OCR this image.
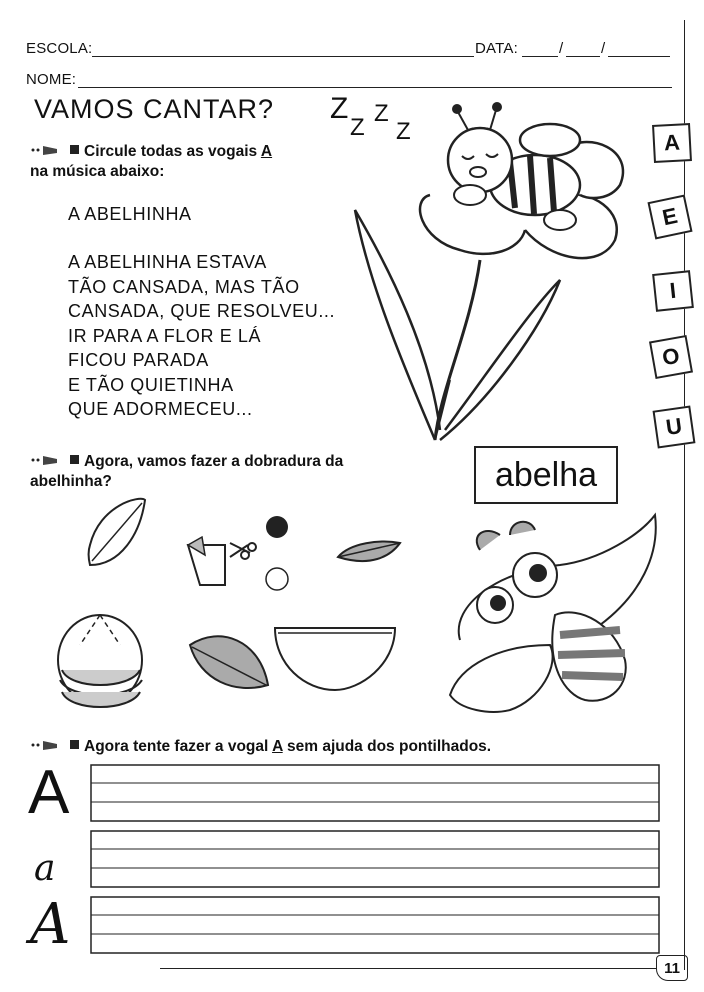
ESCOLA:	DATA:	/	/
NOME:
VAMOS CANTAR? Z
Z
Z
Z
Circule todas as vogais A
na música abaixo:
A ABELHINHA
A ABELHINHA ESTAVA
TÃO CANSADA, MAS TÃO
CANSADA, QUE RESOLVEU...
IR PARA A FLOR E LÁ
FICOU PARADA
E TÃO QUIETINHA
QUE ADORMECEU...
A
E
I
O
U
abelha
Agora, vamos fazer a dobradura da
abelhinha?
Agora tente fazer a vogal A sem ajuda dos pontilhados.
A
a
A
11
